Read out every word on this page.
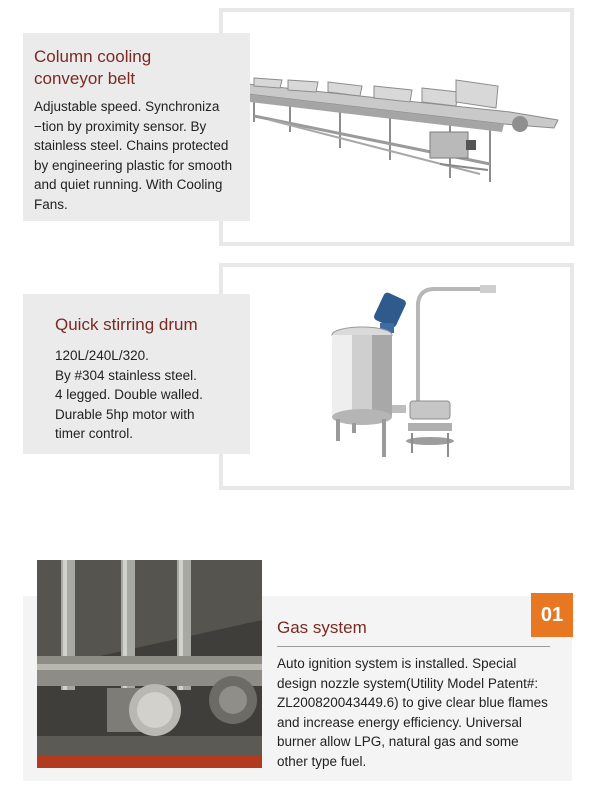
Column cooling
conveyor belt
Adjustable speed. Synchroniza
−tion by proximity sensor. By
stainless steel. Chains protected
by engineering plastic for smooth
and quiet running. With Cooling
Fans.
Quick stirring drum
120L/240L/320.
By #304 stainless steel.
4 legged. Double walled.
Durable 5hp motor with
timer control.
01
Gas system
Auto ignition system is installed. Special
design nozzle system(Utility Model Patent#:
ZL200820043449.6) to give clear blue flames
and increase energy efficiency. Universal
burner allow LPG, natural gas and some
other type fuel.
